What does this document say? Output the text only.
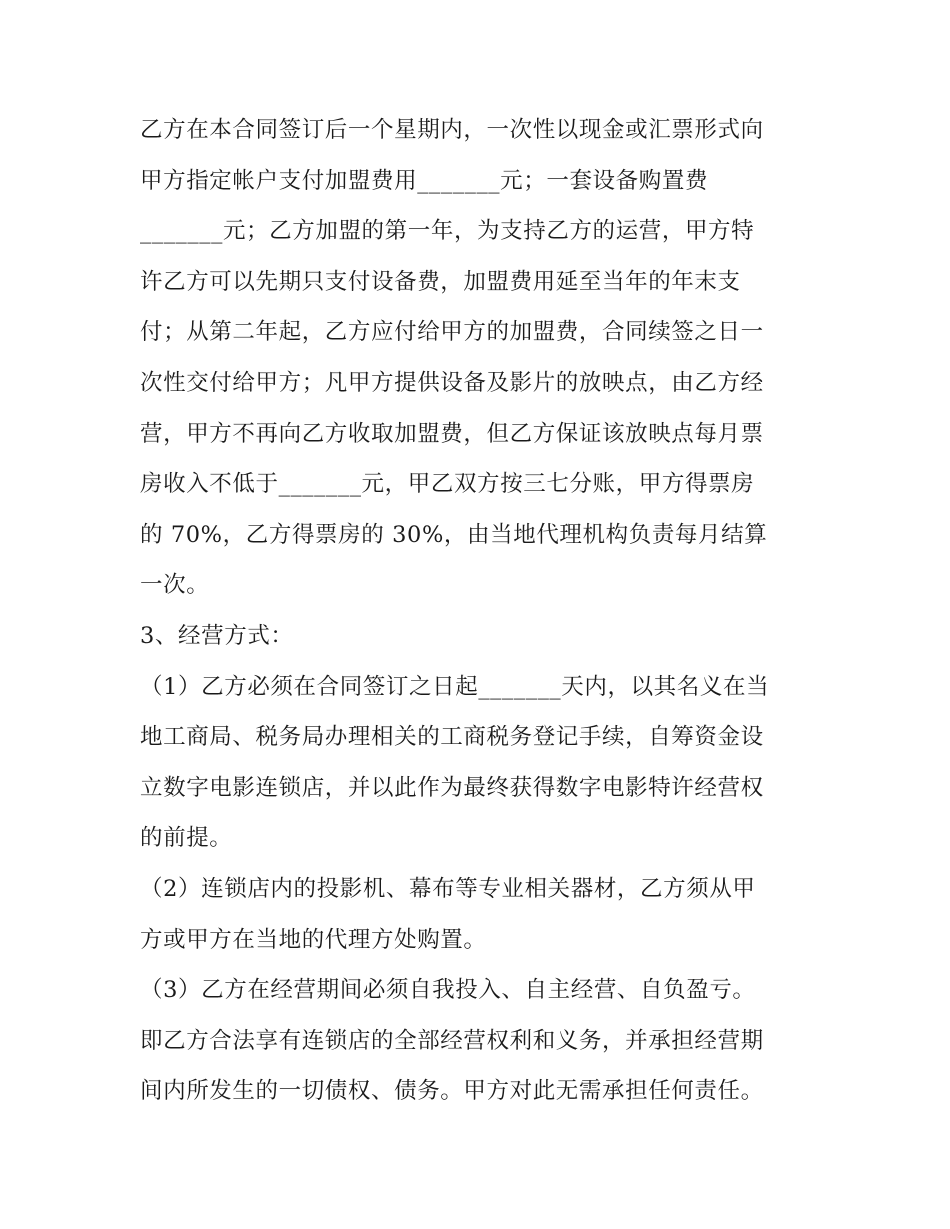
乙方在本合同签订后一个星期内，一次性以现金或汇票形式向
甲方指定帐户支付加盟费用_______元；一套设备购置费
_______元；乙方加盟的第一年，为支持乙方的运营，甲方特
许乙方可以先期只支付设备费，加盟费用延至当年的年末支
付；从第二年起，乙方应付给甲方的加盟费，合同续签之日一
次性交付给甲方；凡甲方提供设备及影片的放映点，由乙方经
营，甲方不再向乙方收取加盟费，但乙方保证该放映点每月票
房收入不低于_______元，甲乙双方按三七分账，甲方得票房
的 70%，乙方得票房的 30%，由当地代理机构负责每月结算
一次。
3、经营方式：
（1）乙方必须在合同签订之日起_______天内，以其名义在当
地工商局、税务局办理相关的工商税务登记手续，自筹资金设
立数字电影连锁店，并以此作为最终获得数字电影特许经营权
的前提。
（2）连锁店内的投影机、幕布等专业相关器材，乙方须从甲
方或甲方在当地的代理方处购置。
（3）乙方在经营期间必须自我投入、自主经营、自负盈亏。
即乙方合法享有连锁店的全部经营权利和义务，并承担经营期
间内所发生的一切债权、债务。甲方对此无需承担任何责任。
